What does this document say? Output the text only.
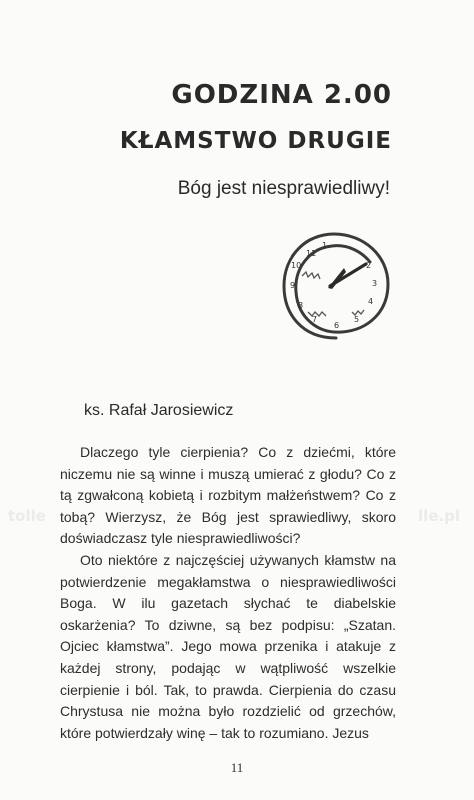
GODZINA 2.00
KŁAMSTWO DRUGIE
Bóg jest niesprawiedliwy!
11
10
9
8
7
6
5
4
3
2
1
ks. Rafał Jarosiewicz

Dlaczego tyle cierpienia? Co z dziećmi, które niczemu nie są winne i muszą umierać z głodu? Co z tą zgwałconą kobietą i rozbitym małżeństwem? Co z tobą? Wierzysz, że Bóg jest sprawiedliwy, skoro doświadczasz tyle niesprawiedliwości?

Oto niektóre z najczęściej używanych kłamstw na potwierdzenie megakłamstwa o niesprawiedliwości Boga. W ilu gazetach słychać te diabelskie oskarżenia? To dziwne, są bez podpisu: „Szatan. Ojciec kłamstwa”. Jego mowa przenika i atakuje z każdej strony, podając w wątpliwość wszelkie cierpienie i ból. Tak, to prawda. Cierpienia do czasu Chrystusa nie można było rozdzielić od grzechów, które potwierdzały winę – tak to rozumiano. Jezus

tolle	lle.pl
11
